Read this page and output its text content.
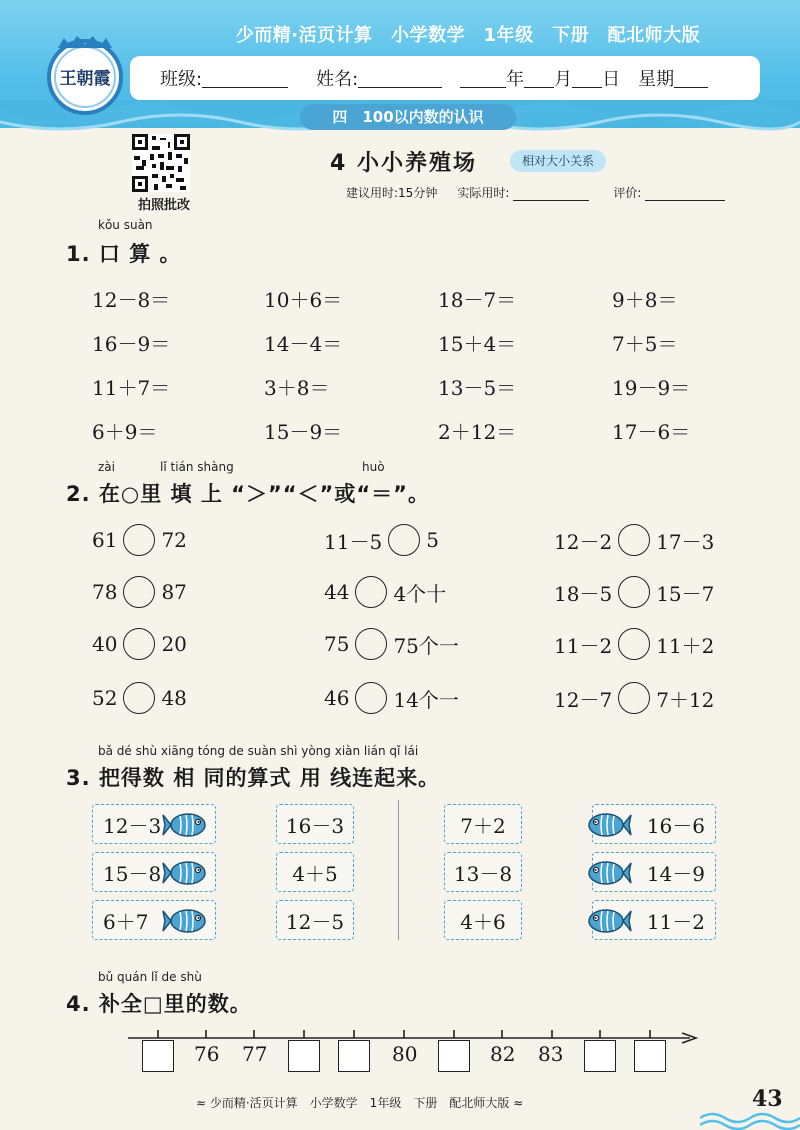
王朝霞
少而精·活页计算　小学数学　1年级　下册　配北师大版
班级:	姓名:	年 月 日 星期
四　100以内数的认识
拍照批改
4 小小养殖场	相对大小关系
建议用时:15分钟 实际用时:	评价:
kǒu suàn
1. 口 算 。
12－8＝	10＋6＝	18－7＝	9＋8＝
16－9＝	14－4＝	15＋4＝	7＋5＝
11＋7＝	3＋8＝	13－5＝	19－9＝
6＋9＝	15－9＝	2＋12＝	17－6＝
zài	lǐ tián shàng	huò
2. 在○里 填 上 “＞”“＜”或“＝”。
61 72	11－5 5	12－2 17－3
78 87	44 4个十	18－5 15－7
40 20	75 75个一	11－2 11＋2
52 48	46 14个一	12－7 7＋12
bǎ dé shù xiāng tóng de suàn shì yòng xiàn lián qǐ lái
3. 把得数 相 同的算式 用 线连起来。
12－3
15－8
6＋7
16－3
4＋5
12－5
7＋2
13－8
4＋6
16－6
14－9
11－2
bǔ quán lǐ de shù
4. 补全□里的数。
76 77	80	82 83
≈ 少而精·活页计算　小学数学　1年级　下册　配北师大版 ≈	43
